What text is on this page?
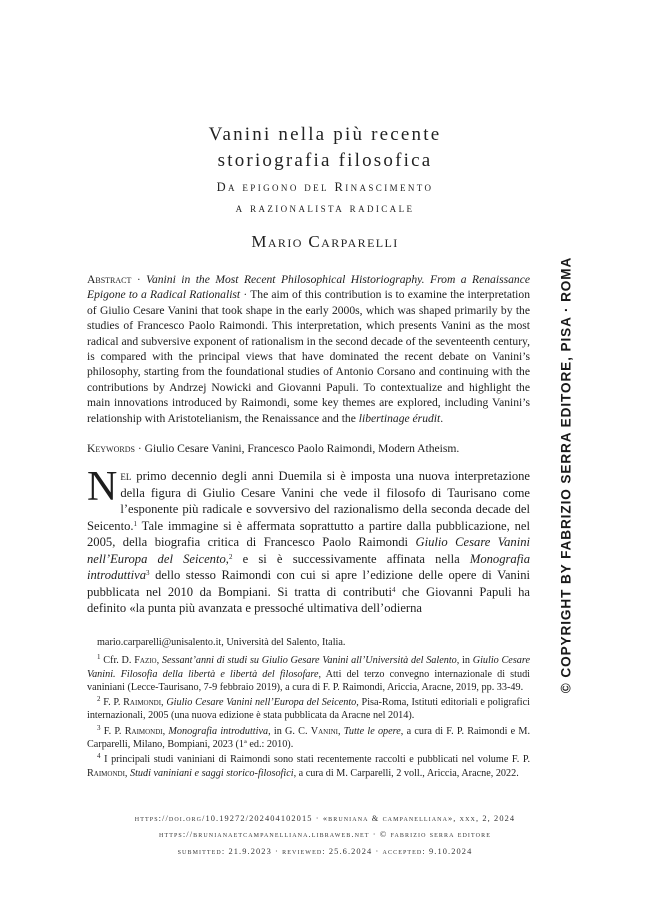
Vanini nella più recente
storiografia filosofica
Da epigono del Rinascimento
a razionalista radicale
Mario Carparelli
Abstract · Vanini in the Most Recent Philosophical Historiography. From a Renaissance Epigone to a Radical Rationalist · The aim of this contribution is to examine the interpretation of Giulio Cesare Vanini that took shape in the early 2000s, which was shaped primarily by the studies of Francesco Paolo Raimondi. This interpretation, which presents Vanini as the most radical and subversive exponent of rationalism in the second decade of the seventeenth century, is compared with the principal views that have dominated the recent debate on Vanini’s philosophy, starting from the foundational studies of Antonio Corsano and continuing with the contributions by Andrzej Nowicki and Giovanni Papuli. To contextualize and highlight the main innovations introduced by Raimondi, some key themes are explored, including Vanini’s relationship with Aristotelianism, the Renaissance and the libertinage érudit.
Keywords · Giulio Cesare Vanini, Francesco Paolo Raimondi, Modern Atheism.
Nel primo decennio degli anni Duemila si è imposta una nuova interpretazione della figura di Giulio Cesare Vanini che vede il filosofo di Taurisano come l’esponente più radicale e sovversivo del razionalismo della seconda decade del Seicento.$^1$ Tale immagine si è affermata soprattutto a partire dalla pubblicazione, nel 2005, della biografia critica di Francesco Paolo Raimondi Giulio Cesare Vanini nell’Europa del Seicento,$^2$ e si è successivamente affinata nella Monografia introduttiva$^3$ dello stesso Raimondi con cui si apre l’edizione delle opere di Vanini pubblicata nel 2010 da Bompiani. Si tratta di contributi$^4$ che Giovanni Papuli ha definito «la punta più avanzata e pressoché ultimativa dell’odierna

mario.carparelli@unisalento.it, Università del Salento, Italia.

$^1$ Cfr. D. Fazio, Sessant’anni di studi su Giulio Gesare Vanini all’Università del Salento, in Giulio Cesare Vanini. Filosofia della libertà e libertà del filosofare, Atti del terzo convegno internazionale di studi vaniniani (Lecce-Taurisano, 7-9 febbraio 2019), a cura di F. P. Raimondi, Ariccia, Aracne, 2019, pp. 33-49.

$^2$ F. P. Raimondi, Giulio Cesare Vanini nell’Europa del Seicento, Pisa-Roma, Istituti editoriali e poligrafici internazionali, 2005 (una nuova edizione è stata pubblicata da Aracne nel 2014).

$^3$ F. P. Raimondi, Monografia introduttiva, in G. C. Vanini, Tutte le opere, a cura di F. P. Raimondi e M. Carparelli, Milano, Bompiani, 2023 (1ª ed.: 2010).

$^4$ I principali studi vaniniani di Raimondi sono stati recentemente raccolti e pubblicati nel volume F. P. Raimondi, Studi vaniniani e saggi storico-filosofici, a cura di M. Carparelli, 2 voll., Ariccia, Aracne, 2022.

https://doi.org/10.19272/202404102015 · «bruniana & campanelliana», xxx, 2, 2024
https://brunianaetcampanelliana.libraweb.net · © fabrizio serra editore
submitted: 21.9.2023 · reviewed: 25.6.2024 · accepted: 9.10.2024
© COPYRIGHT BY FABRIZIO SERRA EDITORE, PISA · ROMA
